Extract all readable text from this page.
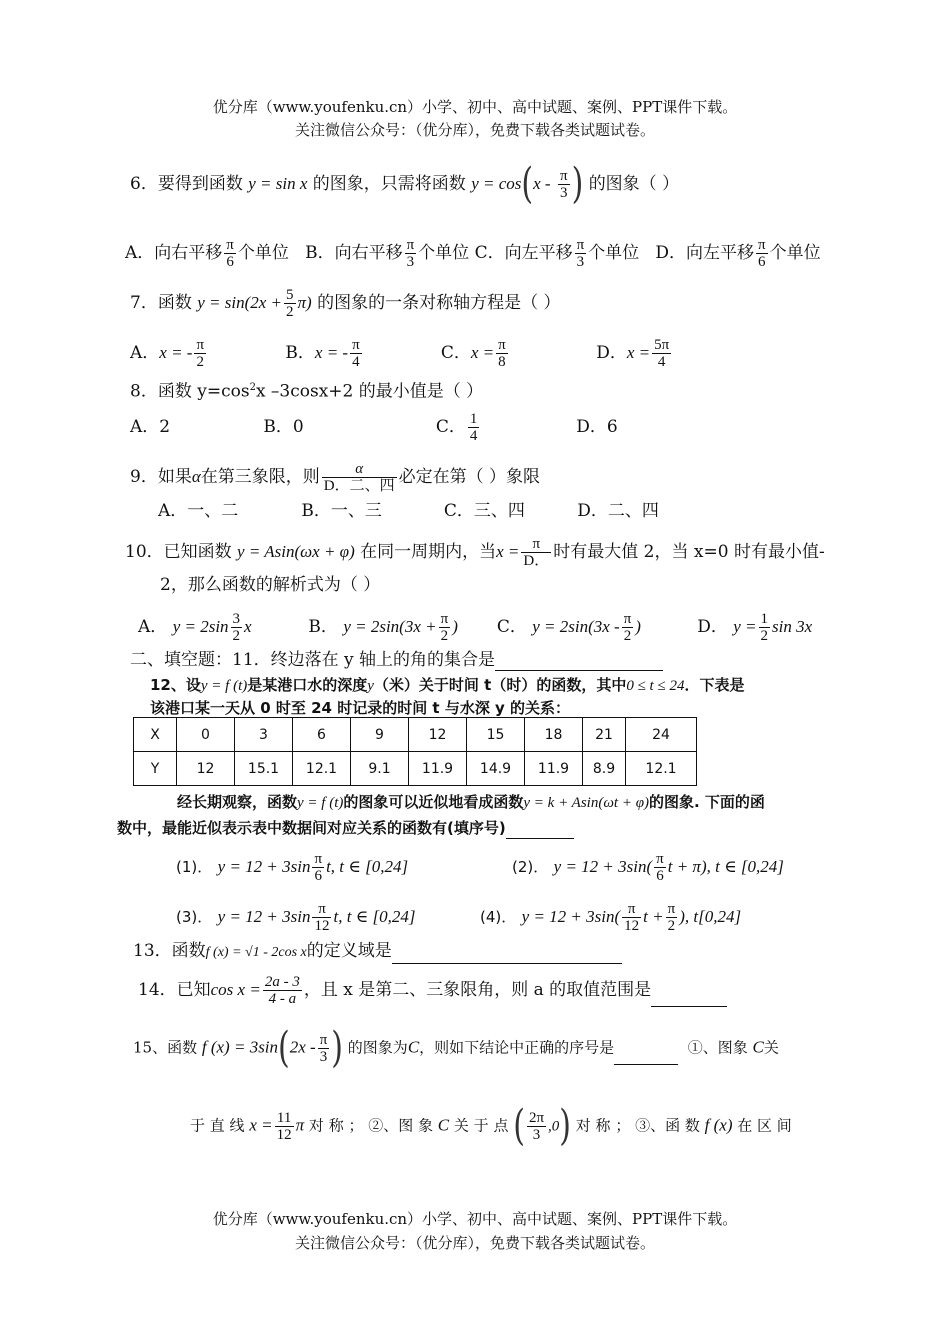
优分库（www.youfenku.cn）小学、初中、高中试题、案例、PPT课件下载。
关注微信公众号：（优分库），免费下载各类试题试卷。
6．要得到函数 y = sin x 的图象，只需将函数 $y = \cos(x - \frac{\pi}{3}$ ) 的图象（ ）
A．向右平移 $\frac{\pi}{6}$ 个单位 B．向右平移 $\frac{\pi}{3}$ 个单位 C．向左平移 $\frac{\pi}{3}$ 个单位 D．向左平移 $\frac{\pi}{6}$ 个单位
7．函数 $y = \sin(2x + \frac{5}{2} \pi)$ 的图象的一条对称轴方程是（ ）
A．x = - $\frac{\pi}{2}$	B．x = - $\frac{\pi}{4}$	C．$x = \frac{\pi}{8}$	D．$x = \frac{5\pi}{4}$
8．函数 $y=\cos^2x$ –3cosx+2 的最小值是（ ）
A．2	B．0	C． $\frac{1}{4}$	D．6
9．如果α在第三象限，则 $\frac{\alpha}{\text{D．二、四}}$ 必定在第（ ）象限
A．一、二	B．一、三	C．三、四	D．二、四
10．已知函数 y = Asin(ωx + φ) 在同一周期内，当$x = \frac{\pi}{D.}$ 时有最大值 2，当 x=0 时有最小值-
2，那么函数的解析式为（ ）
A． $y = 2\sin \frac{3}{2}$ x	B． $y = 2\sin(3x + \frac{\pi}{2}$ ) C． $y = 2\sin(3x - \frac{\pi}{2}$ )	D． $y = \frac{1}{2}$ sin 3x
二、填空题：11．终边落在 y 轴上的角的集合是
12、设y = f (t)是某港口水的深度y（米）关于时间 t（时）的函数，其中0 ≤ t ≤ 24．下表是
该港口某一天从 0 时至 24 时记录的时间 t 与水深 y 的关系：
X	0	3	6	9	12	15	18	21	24
Y	12	15.1	12.1	9.1	11.9	14.9	11.9	8.9	12.1
经长期观察，函数y = f (t)的图象可以近似地看成函数y = k + Asin(ωt + φ)的图象. 下面的函
数中，最能近似表示表中数据间对应关系的函数有(填序号)
(1)． $y = 12 + 3\sin \frac{\pi}{6} t$, t ∈ [0,24]	(2)． $y = 12 + 3\sin( \frac{\pi}{6}$ t + π), t ∈ [0,24]
(3)． $y = 12 + 3\sin \frac{\pi}{12} t$, t ∈ [0,24]	(4)． $y = 12 + 3\sin( \frac{\pi}{12}$ $t + \frac{\pi}{2}$ ), t[0,24]
13．函数f (x) = √1 - 2cos x的定义域是
14．已知$\cos x = \frac{2a - 3}{4 - a}$ ，且 x 是第二、三象限角，则 a 的取值范围是
15、函数 f $(x) = 3\sin(2x - \frac{\pi}{3}$ ) 的图象为C，则如下结论中正确的序号是	①、图象 C关
于 直 线 $x = \frac{11}{12}$ π 对 称 ； ②、图 象 C 关 于 点 ( $\frac{2\pi}{3} ,0$) 对 称 ； ③、函 数 f (x) 在 区 间
优分库（www.youfenku.cn）小学、初中、高中试题、案例、PPT课件下载。
关注微信公众号：（优分库），免费下载各类试题试卷。
